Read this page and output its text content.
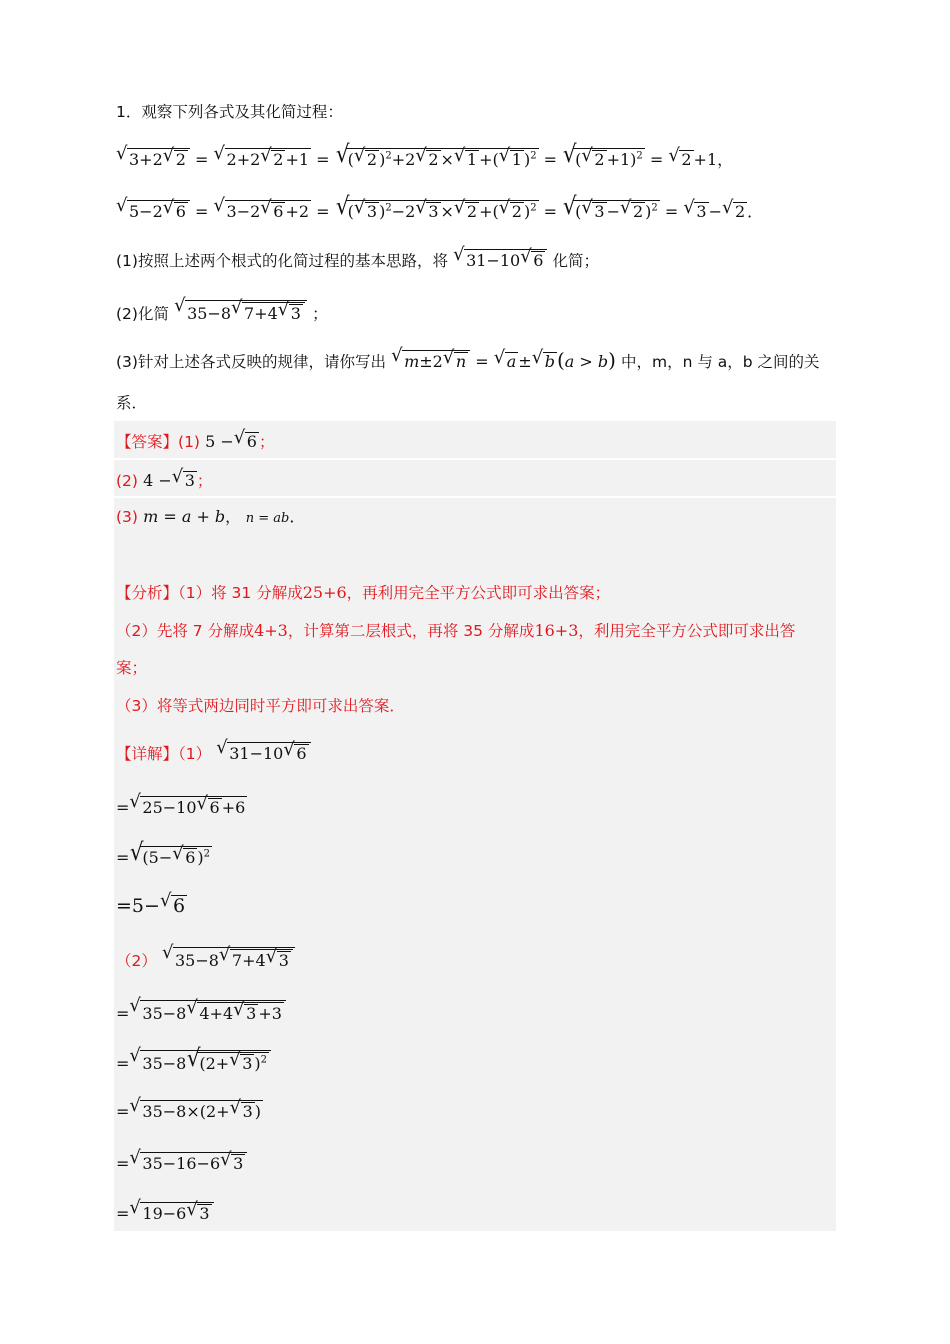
1．观察下列各式及其化简过程：
√ 3+2 √ 2 = √ 2+2 √ 2 +1 = √ ( √ 2 )$^2$+2 √ 2 × √ 1 +( √ 1 )$^2$ = √ ( √ 2 +1)$^2$ = √ 2 +1，
√ 5−2 √ 6 = √ 3−2 √ 6 +2 = √ ( √ 3 )$^2$−2 √ 3 × √ 2 +( √ 2 )$^2$ = √ ( √ 3 − √ 2 )$^2$ = √ 3 − √ 2 ．
(1)按照上述两个根式的化简过程的基本思路，将 √ 31−10 √ 6 化简；
(2)化简 √ 35−8 √ 7+4 √ 3 ；
(3)针对上述各式反映的规律，请你写出 √ m±2 √ n = √ a ± √ b (a > b) 中，m，n 与 a，b 之间的关
系．
【答案】(1) 5 − √ 6 ；
(2) 4 − √ 3 ；
(3) m = a + b， n = ab．
【分析】（1）将 31 分解成25+6，再利用完全平方公式即可求出答案；
（2）先将 7 分解成4+3，计算第二层根式，再将 35 分解成16+3，利用完全平方公式即可求出答
案；
（3）将等式两边同时平方即可求出答案．
【详解】（1） √ 31−10 √ 6
= √ 25−10 √ 6 +6
= √ (5− √ 6 )$^2$
=5− √ 6
（2） √ 35−8 √ 7+4 √ 3
= √ 35−8 √ 4+4 √ 3 +3
= √ 35−8 √ (2+ √ 3 )$^2$
= √ 35−8×(2+ √ 3 )
= √ 35−16−6 √ 3
= √ 19−6 √ 3
